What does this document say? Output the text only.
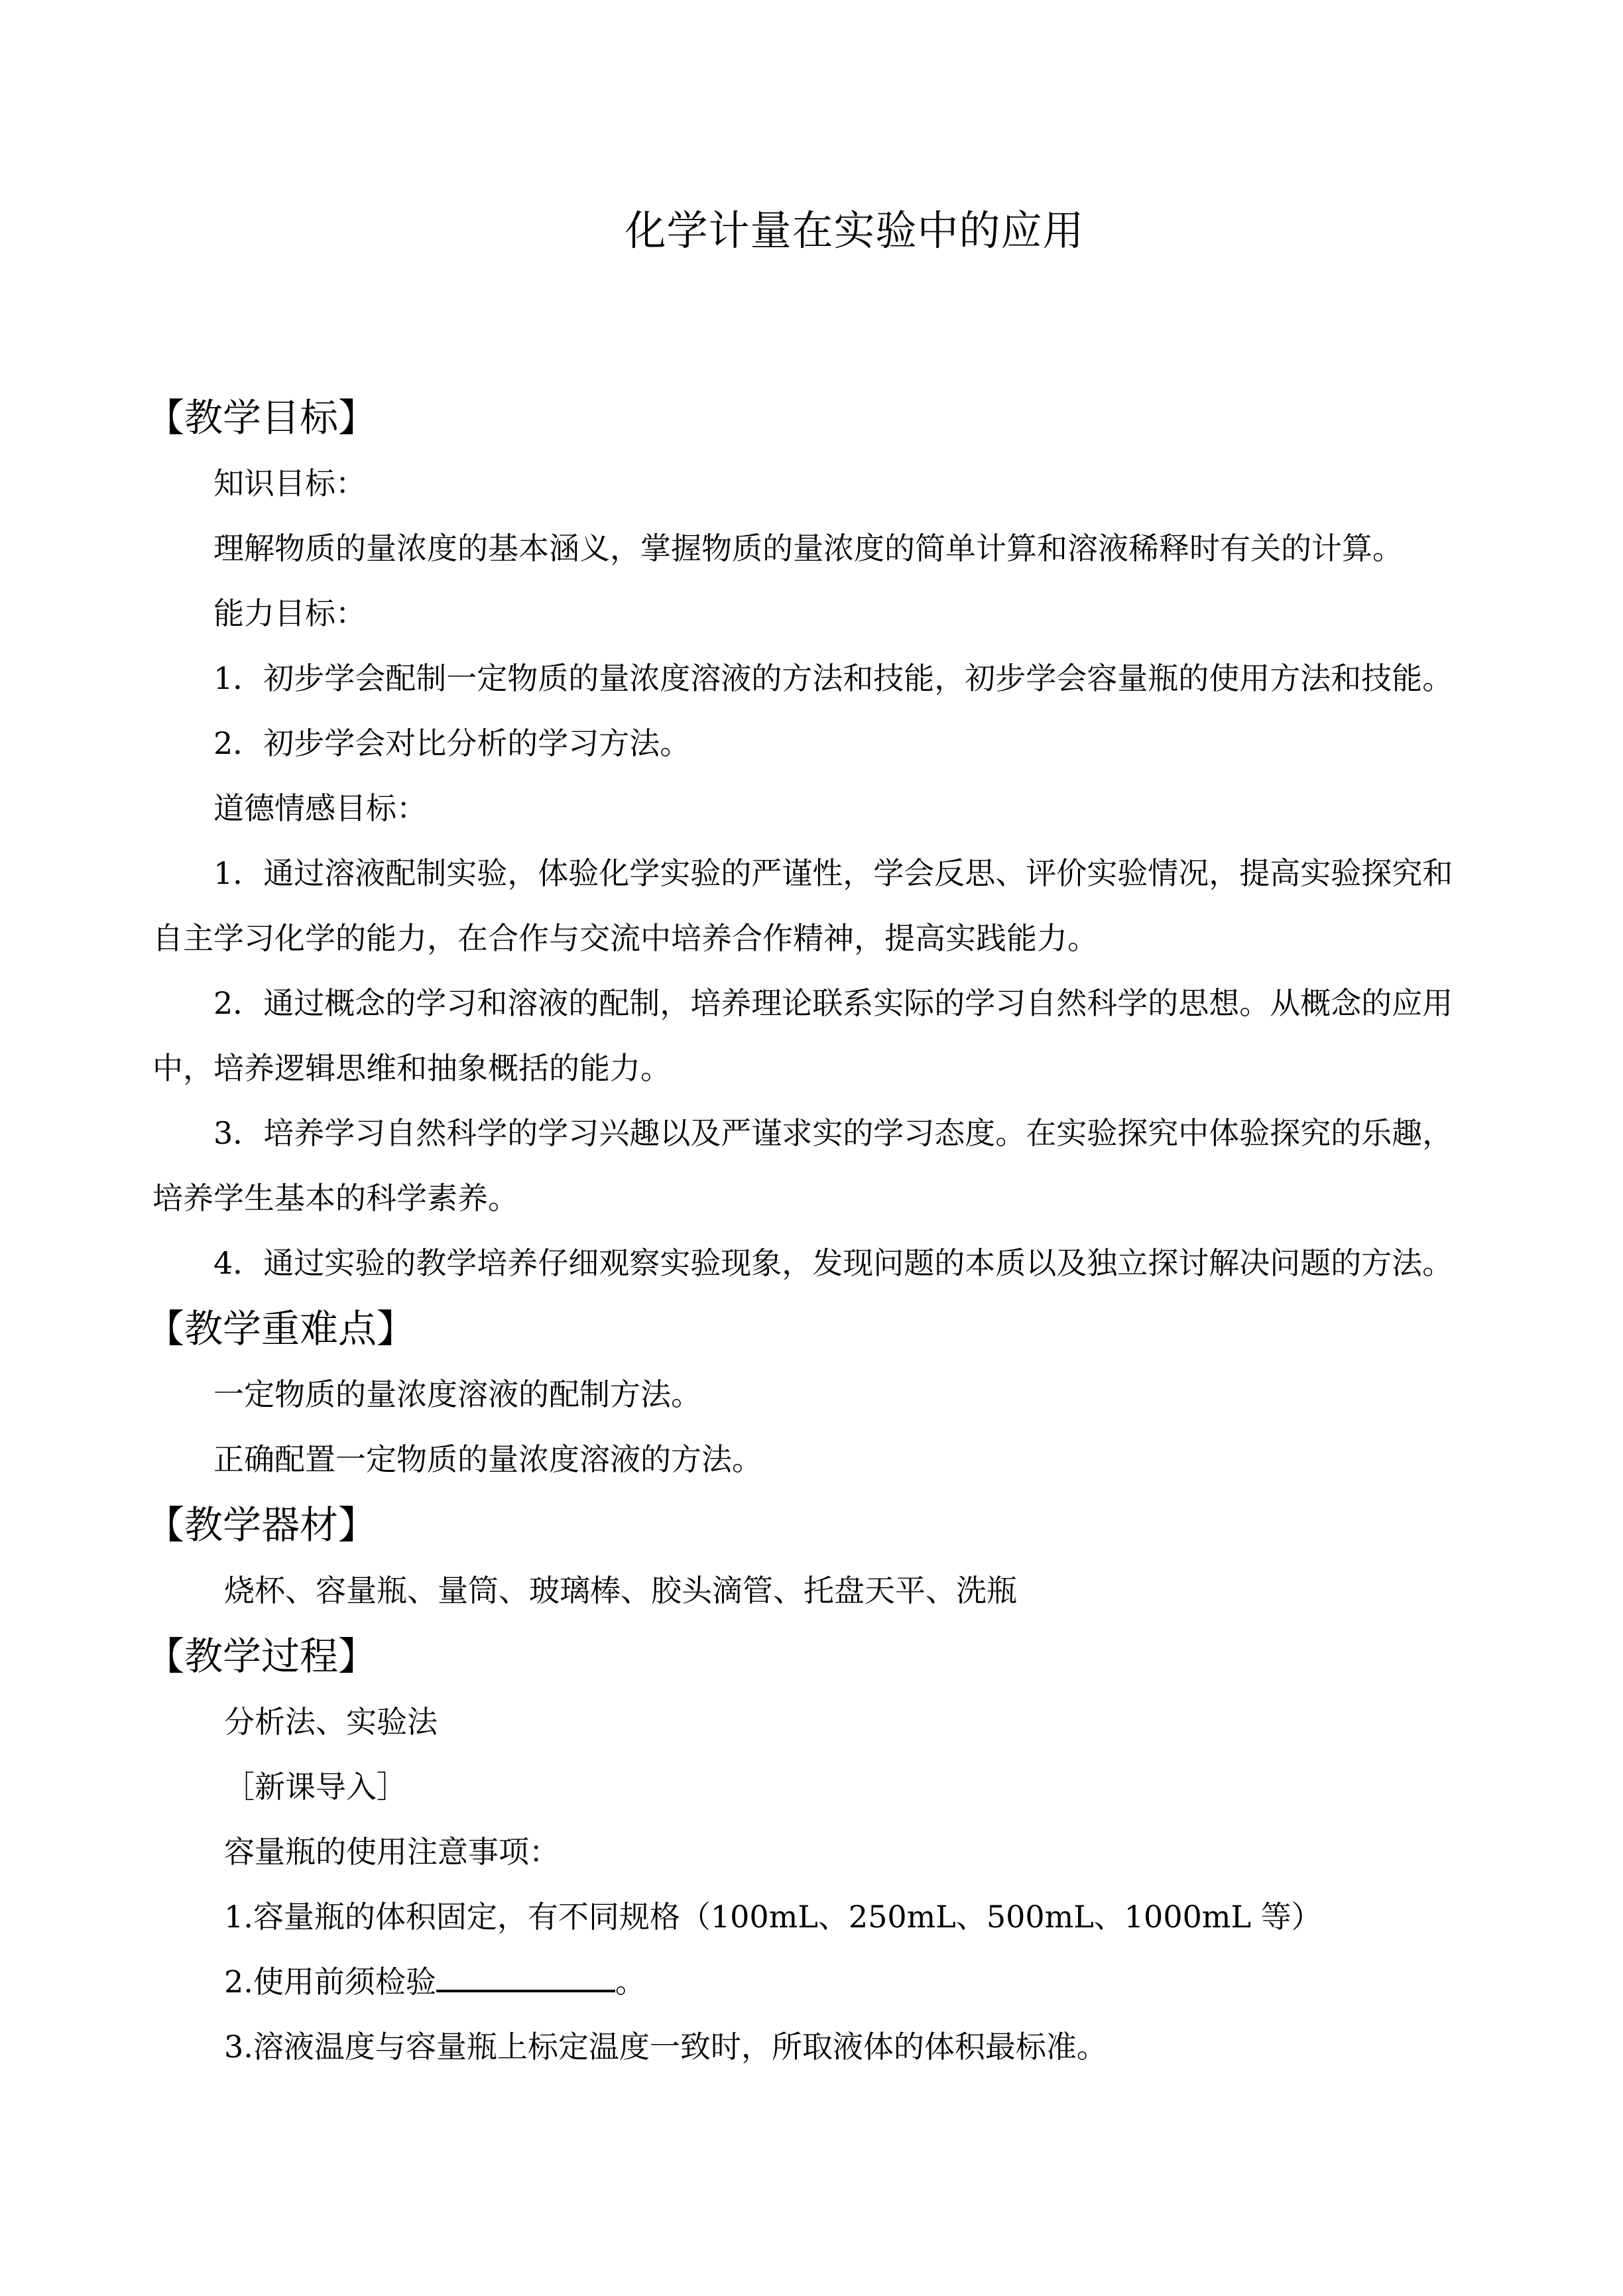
化学计量在实验中的应用

【教学目标】

知识目标：

理解物质的量浓度的基本涵义，掌握物质的量浓度的简单计算和溶液稀释时有关的计算。

能力目标：

1．初步学会配制一定物质的量浓度溶液的方法和技能，初步学会容量瓶的使用方法和技能。

2．初步学会对比分析的学习方法。

道德情感目标：

1．通过溶液配制实验，体验化学实验的严谨性，学会反思、评价实验情况，提高实验探究和自主学习化学的能力，在合作与交流中培养合作精神，提高实践能力。

2．通过概念的学习和溶液的配制，培养理论联系实际的学习自然科学的思想。从概念的应用中，培养逻辑思维和抽象概括的能力。

3．培养学习自然科学的学习兴趣以及严谨求实的学习态度。在实验探究中体验探究的乐趣，培养学生基本的科学素养。

4．通过实验的教学培养仔细观察实验现象，发现问题的本质以及独立探讨解决问题的方法。

【教学重难点】

一定物质的量浓度溶液的配制方法。

正确配置一定物质的量浓度溶液的方法。

【教学器材】

烧杯、容量瓶、量筒、玻璃棒、胶头滴管、托盘天平、洗瓶

【教学过程】

分析法、实验法

［新课导入］

容量瓶的使用注意事项：

1.容量瓶的体积固定，有不同规格（100mL、250mL、500mL、1000mL 等）

2.使用前须检验	。

3.溶液温度与容量瓶上标定温度一致时，所取液体的体积最标准。
